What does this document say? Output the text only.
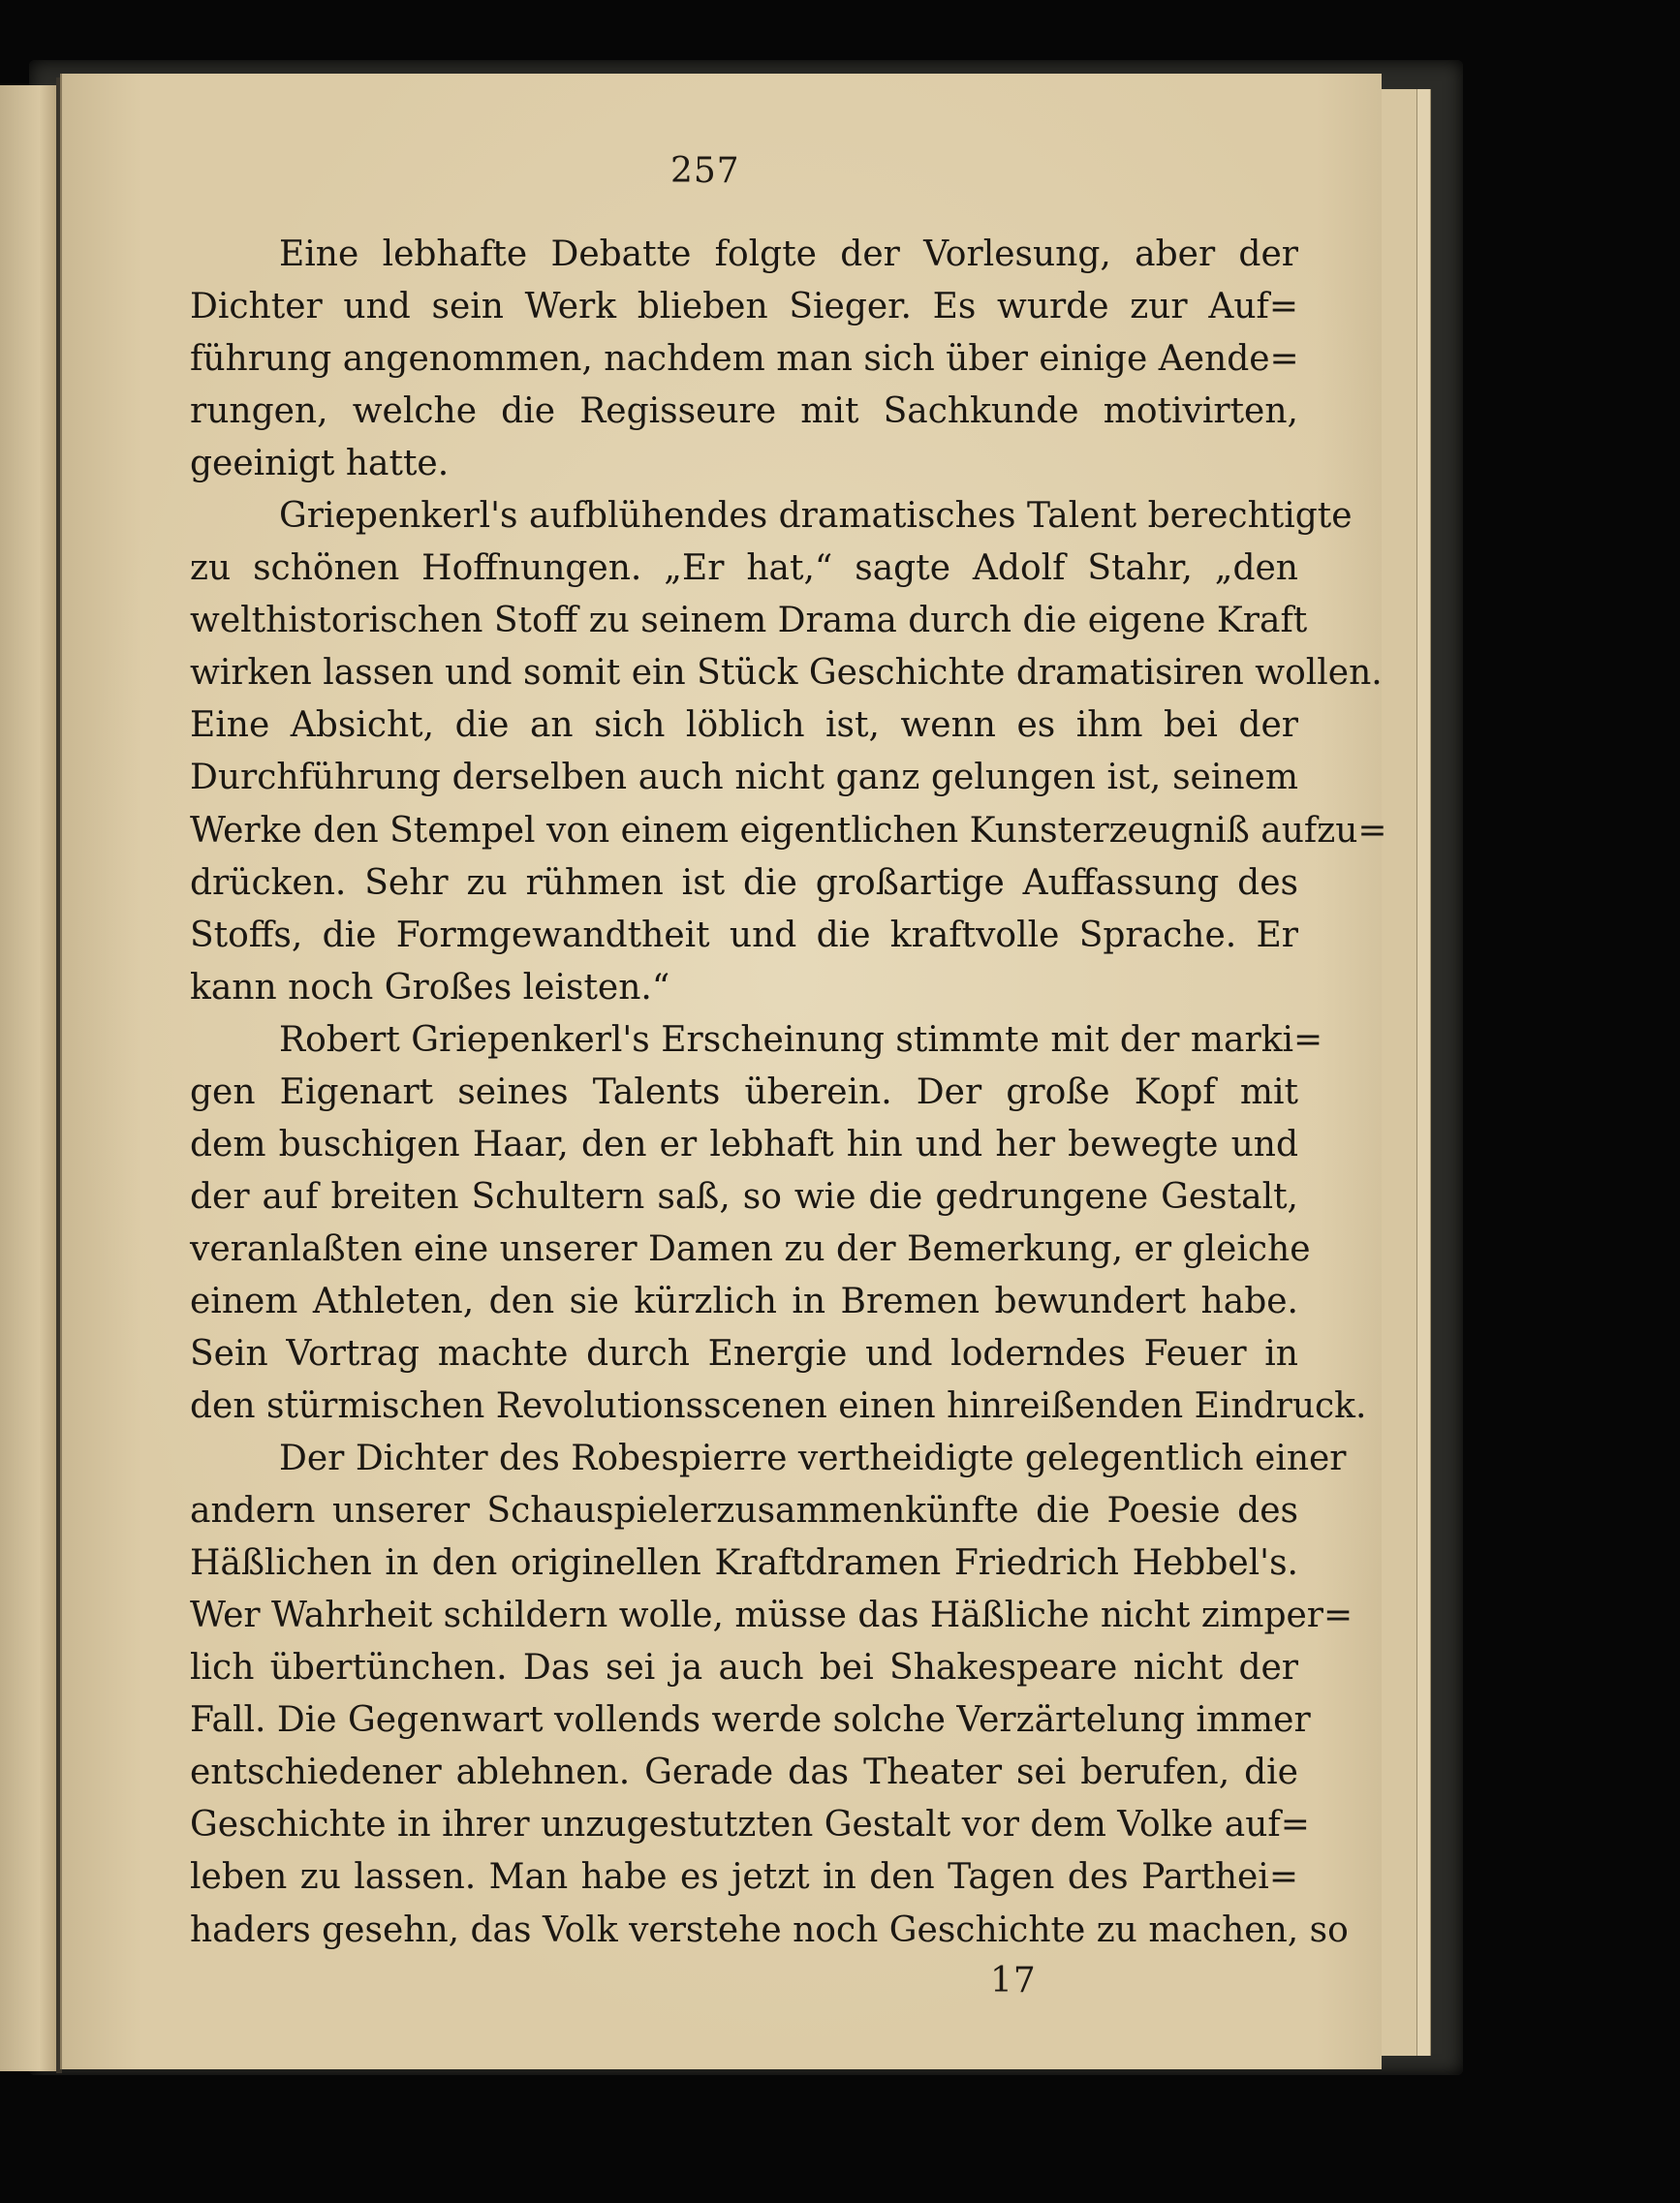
257
Eine lebhafte Debatte folgte der Vorlesung, aber der
Dichter und sein Werk blieben Sieger. Es wurde zur Auf=
führung angenommen, nachdem man sich über einige Aende=
rungen, welche die Regisseure mit Sachkunde motivirten,
geeinigt hatte.
Griepenkerl's aufblühendes dramatisches Talent berechtigte
zu schönen Hoffnungen. „Er hat,“ sagte Adolf Stahr, „den
welthistorischen Stoff zu seinem Drama durch die eigene Kraft
wirken lassen und somit ein Stück Geschichte dramatisiren wollen.
Eine Absicht, die an sich löblich ist, wenn es ihm bei der
Durchführung derselben auch nicht ganz gelungen ist, seinem
Werke den Stempel von einem eigentlichen Kunsterzeugniß aufzu=
drücken. Sehr zu rühmen ist die großartige Auffassung des
Stoffs, die Formgewandtheit und die kraftvolle Sprache. Er
kann noch Großes leisten.“
Robert Griepenkerl's Erscheinung stimmte mit der marki=
gen Eigenart seines Talents überein. Der große Kopf mit
dem buschigen Haar, den er lebhaft hin und her bewegte und
der auf breiten Schultern saß, so wie die gedrungene Gestalt,
veranlaßten eine unserer Damen zu der Bemerkung, er gleiche
einem Athleten, den sie kürzlich in Bremen bewundert habe.
Sein Vortrag machte durch Energie und loderndes Feuer in
den stürmischen Revolutionsscenen einen hinreißenden Eindruck.
Der Dichter des Robespierre vertheidigte gelegentlich einer
andern unserer Schauspielerzusammenkünfte die Poesie des
Häßlichen in den originellen Kraftdramen Friedrich Hebbel's.
Wer Wahrheit schildern wolle, müsse das Häßliche nicht zimper=
lich übertünchen. Das sei ja auch bei Shakespeare nicht der
Fall. Die Gegenwart vollends werde solche Verzärtelung immer
entschiedener ablehnen. Gerade das Theater sei berufen, die
Geschichte in ihrer unzugestutzten Gestalt vor dem Volke auf=
leben zu lassen. Man habe es jetzt in den Tagen des Parthei=
haders gesehn, das Volk verstehe noch Geschichte zu machen, so
17
